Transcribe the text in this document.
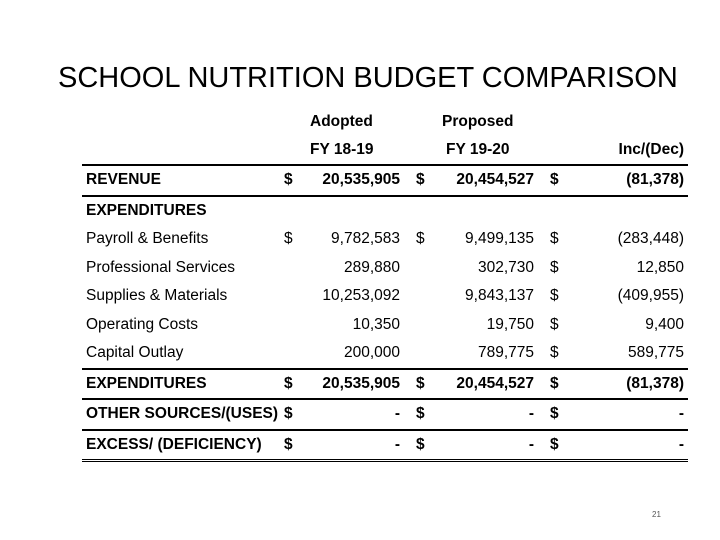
SCHOOL NUTRITION BUDGET COMPARISON
		Adopted		Proposed		
		FY 18-19		FY 19-20		Inc/(Dec)
REVENUE	$	20,535,905	$	20,454,527	$	(81,378)
EXPENDITURES						
Payroll & Benefits	$	9,782,583	$	9,499,135	$	(283,448)
Professional Services		289,880		302,730	$	12,850
Supplies & Materials		10,253,092		9,843,137	$	(409,955)
Operating Costs		10,350		19,750	$	9,400
Capital Outlay		200,000		789,775	$	589,775
EXPENDITURES	$	20,535,905	$	20,454,527	$	(81,378)
OTHER SOURCES/(USES)	$	-	$	-	$	-
EXCESS/ (DEFICIENCY)	$	-	$	-	$	-
21
